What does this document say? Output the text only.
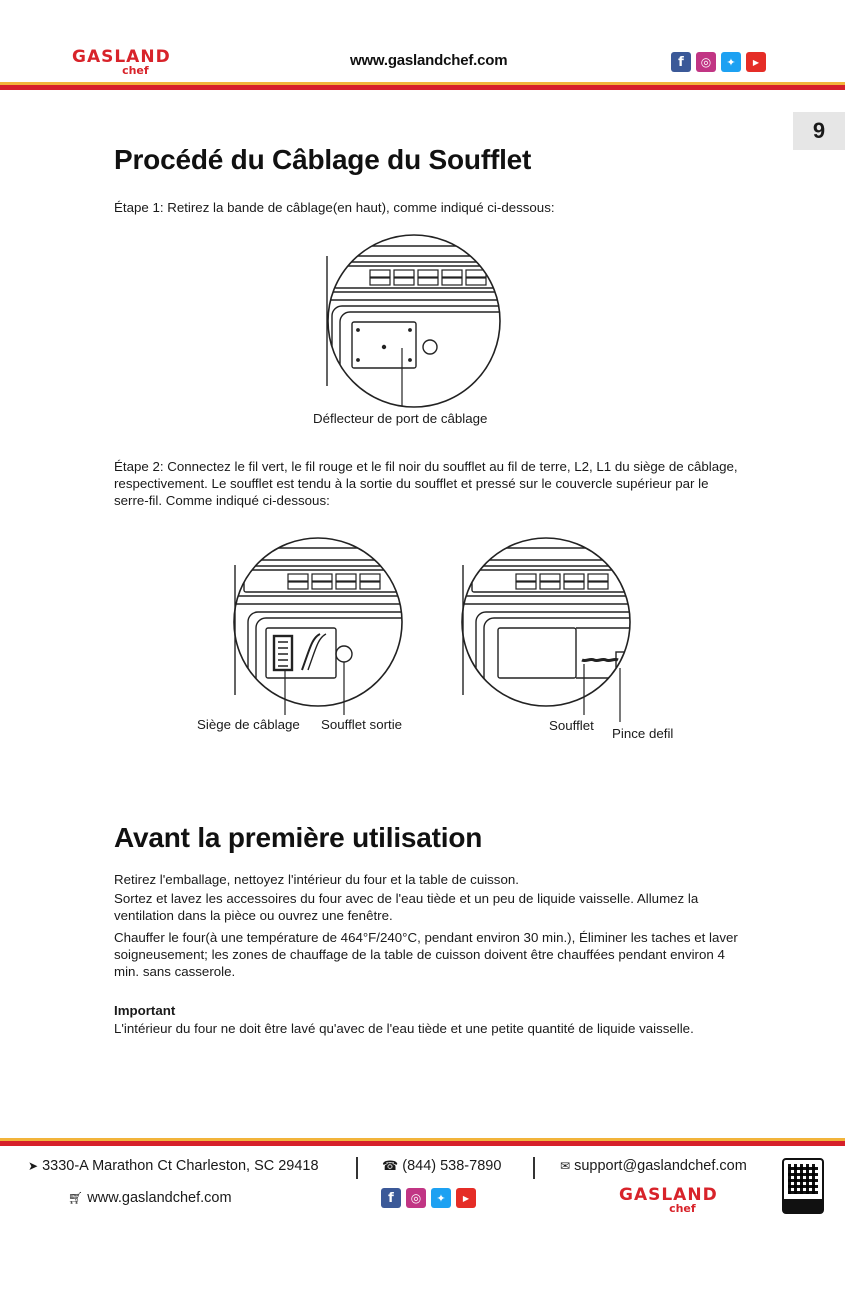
GASLAND
chef
www.gaslandchef.com	f	◎	✦	▶
9
Procédé du Câblage du Soufflet
Étape 1: Retirez la bande de câblage(en haut), comme indiqué ci-dessous:
Déflecteur de port de câblage
Étape 2: Connectez le fil vert, le fil rouge et le fil noir du soufflet au fil de terre, L2, L1 du siège de câblage, respectivement. Le soufflet est tendu à la sortie du soufflet et pressé sur le couvercle supérieur par le serre-fil. Comme indiqué ci-dessous:
Siège de câblage Soufflet sortie	Soufflet
Pince defil
Avant la première utilisation
Retirez l'emballage, nettoyez l'intérieur du four et la table de cuisson.
Sortez et lavez les accessoires du four avec de l'eau tiède et un peu de liquide vaisselle. Allumez la ventilation dans la pièce ou ouvrez une fenêtre.
Chauffer le four(à une température de 464°F/240°C, pendant environ 30 min.), Éliminer les taches et laver soigneusement; les zones de chauffage de la table de cuisson doivent être chauffées pendant environ 4 min. sans casserole.
Important
L'intérieur du four ne doit être lavé qu'avec de l'eau tiède et une petite quantité de liquide vaisselle.
➤ 3330-A Marathon Ct Charleston, SC 29418	☎ (844) 538-7890	✉ support@gaslandchef.com
🛒︎ www.gaslandchef.com	f	◎	✦	▶	GASLAND
chef
